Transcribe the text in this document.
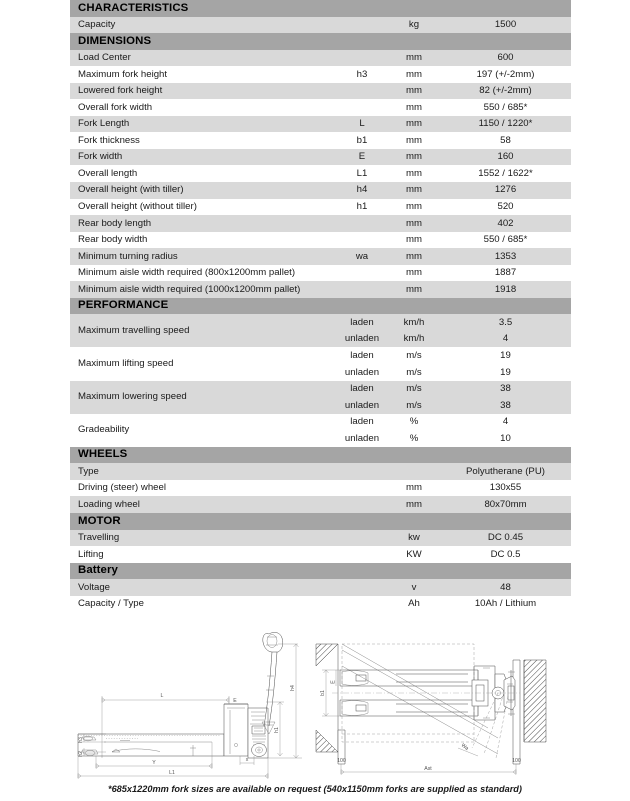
CHARACTERISTICS
Capacity	kg	1500
DIMENSIONS
Load Center	mm	600
Maximum fork height	h3	mm	197 (+/-2mm)
Lowered fork height	mm	82 (+/-2mm)
Overall fork width	mm	550 / 685*
Fork Length	L	mm	1150 / 1220*
Fork thickness	b1	mm	58
Fork width	E	mm	160
Overall length	L1	mm	1552 / 1622*
Overall height (with tiller)	h4	mm	1276
Overall height (without tiller)	h1	mm	520
Rear body length	mm	402
Rear body width	mm	550 / 685*
Minimum turning radius	wa	mm	1353
Minimum aisle width required (800x1200mm pallet)	mm	1887
Minimum aisle width required (1000x1200mm pallet)	mm	1918
PERFORMANCE
Maximum travelling speed
laden	km/h	3.5
unladen	km/h	4
Maximum lifting speed
laden	m/s	19
unladen	m/s	19
Maximum lowering speed
laden	m/s	38
unladen	m/s	38
Gradeability
laden	%	4
unladen	%	10
WHEELS
Type	Polyutherane (PU)
Driving (steer) wheel	mm	130x55
Loading wheel	mm	80x70mm
MOTOR
Travelling	kw	DC 0.45
Lifting	KW	DC 0.5
Battery
Voltage	v	48
Capacity / Type	Ah	10Ah / Lithium
L
h4
h1
h3
h2
Y
L1
x
E
100	100
Wa
b1
E
Ast
*685x1220mm fork sizes are available on request (540x1150mm forks are supplied as standard)
